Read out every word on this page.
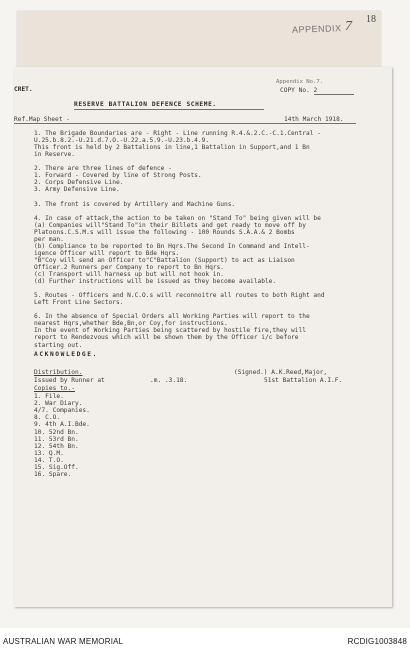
APPENDIX 7 18
CRET.
Appendix No.7.
COPY No. 2
RESERVE BATTALION DEFENCE SCHEME.
Ref.Map Sheet -	14th March 1918.
1. The Brigade Boundaries are - Right - Line running R.4.&.2.C.-C.1.Central -
U.25.b.8.2.-U.21.d.7.O.-U.22.a.5.9.-U.23.b.4.9.
This front is held by 2 Battalions in line,1 Battalion in Support,and 1 Bn
in Reserve.
2. There are three lines of defence -
1. Forward - Covered by line of Strong Posts.
2. Corps Defensive Line.
3. Army Defensive Line.
3. The front is covered by Artillery and Machine Guns.
4. In case of attack,the action to be taken on "Stand To" being given will be
(a) Companies will"Stand To"in their Billets and get ready to move off by
Platoons.C.S.M.s will issue the following - 100 Rounds S.A.A.& 2 Bombs
per man.
(b) Compliance to be reported to Bn Hqrs.The Second In Command and Intell-
igence Officer will report to Bde Hqrs.
"B"Coy will send an Officer to"C"Battalion (Support) to act as Liaison
Officer.2 Runners per Company to report to Bn Hqrs.
(c) Transport will harness up but will not hook in.
(d) Further instructions will be issued as they become available.
5. Routes - Officers and N.C.O.s will reconnoitre all routes to both Right and
Left Front Line Sectors.
6. In the absence of Special Orders all Working Parties will report to the
nearest Hqrs,whether Bde,Bn,or Coy,for instructions.
In the event of Working Parties being scattered by hostile fire,they will
report to Rendezvous which will be shown them by the Officer i/c before
starting out.
ACKNOWLEDGE.
(Signed.) A.K.Reed,Major,
51st Battalion A.I.F.
Distribution.
Issued by Runner at	.m. .3.18.
Copies to.-
1. File.
2. War Diary.
4/7. Companies.
8. C.O.
9. 4th A.I.Bde.
10. 52nd Bn.
11. 53rd Bn.
12. 54th Bn.
13. Q.M.
14. T.O.
15. Sig.Off.
16. Spare.
AUSTRALIAN WAR MEMORIAL	RCDIG1003848
